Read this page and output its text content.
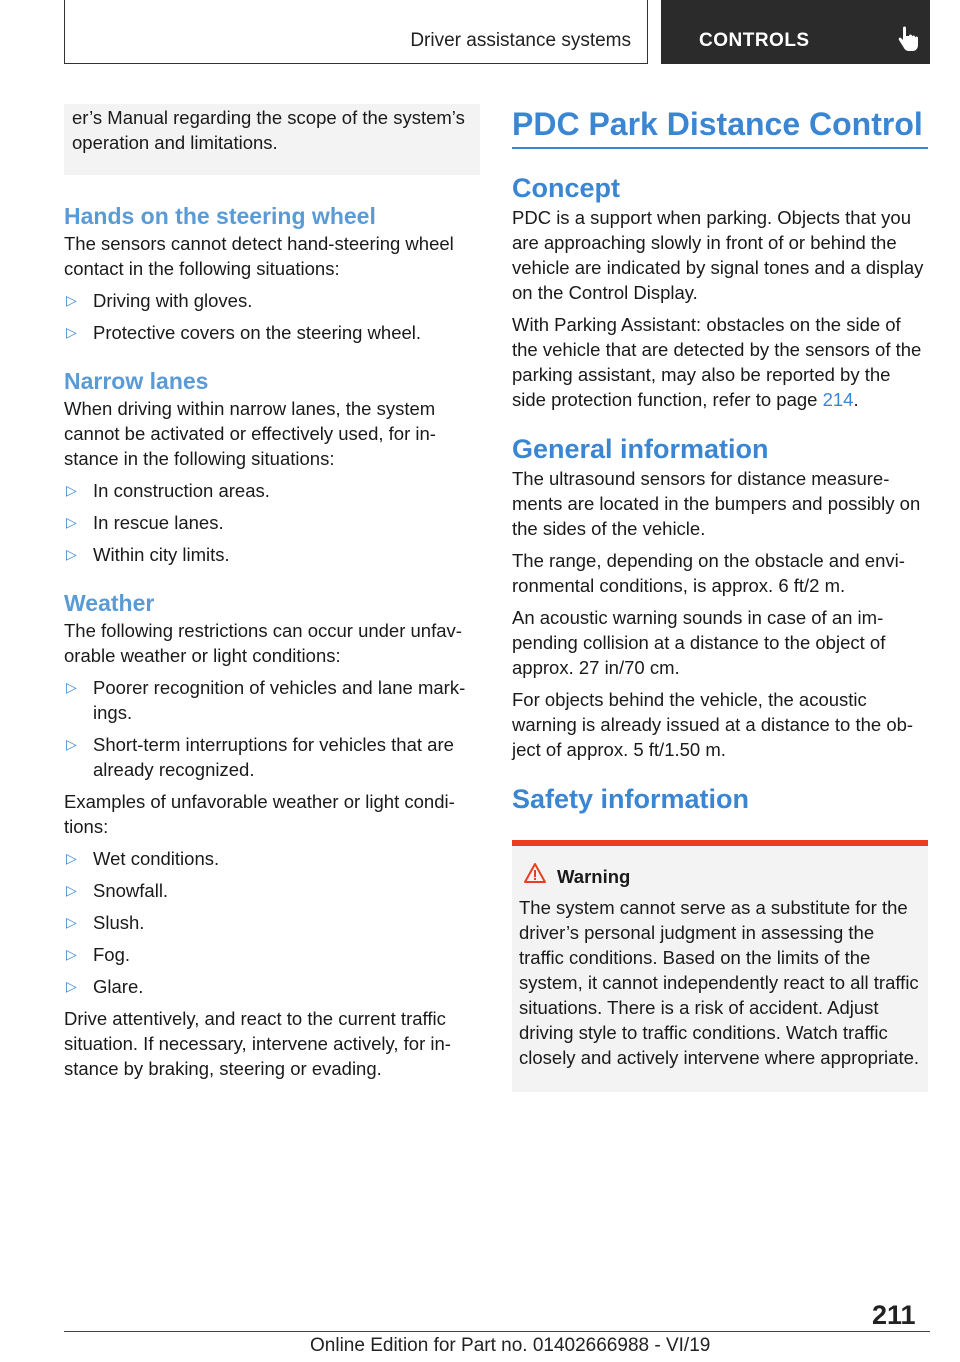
Driver assistance systems	CONTROLS

er’s Manual regarding the scope of the system’s operation and limitations.

Hands on the steering wheel

The sensors cannot detect hand-steering wheel contact in the following situations:

▷ Driving with gloves.
▷ Protective covers on the steering wheel.
Narrow lanes

When driving within narrow lanes, the system cannot be activated or effectively used, for instance in the following situations:

▷ In construction areas.
▷ In rescue lanes.
▷ Within city limits.
Weather

The following restrictions can occur under unfavorable weather or light conditions:

▷ Poorer recognition of vehicles and lane markings.
▷ Short-term interruptions for vehicles that are already recognized.

Examples of unfavorable weather or light conditions:

▷ Wet conditions.
▷ Snowfall.
▷ Slush.
▷ Fog.
▷ Glare.

Drive attentively, and react to the current traffic situation. If necessary, intervene actively, for instance by braking, steering or evading.

PDC Park Distance Control
Concept

PDC is a support when parking. Objects that you are approaching slowly in front of or behind the vehicle are indicated by signal tones and a display on the Control Display.

With Parking Assistant: obstacles on the side of the vehicle that are detected by the sensors of the parking assistant, may also be reported by the side protection function, refer to page 214.

General information

The ultrasound sensors for distance measurements are located in the bumpers and possibly on the sides of the vehicle.

The range, depending on the obstacle and environmental conditions, is approx. 6 ft/2 m.

An acoustic warning sounds in case of an impending collision at a distance to the object of approx. 27 in/70 cm.

For objects behind the vehicle, the acoustic warning is already issued at a distance to the object of approx. 5 ft/1.50 m.

Safety information
Warning

The system cannot serve as a substitute for the driver’s personal judgment in assessing the traffic conditions. Based on the limits of the system, it cannot independently react to all traffic situations. There is a risk of accident. Adjust driving style to traffic conditions. Watch traffic closely and actively intervene where appropriate.

211
Online Edition for Part no. 01402666988 - VI/19
